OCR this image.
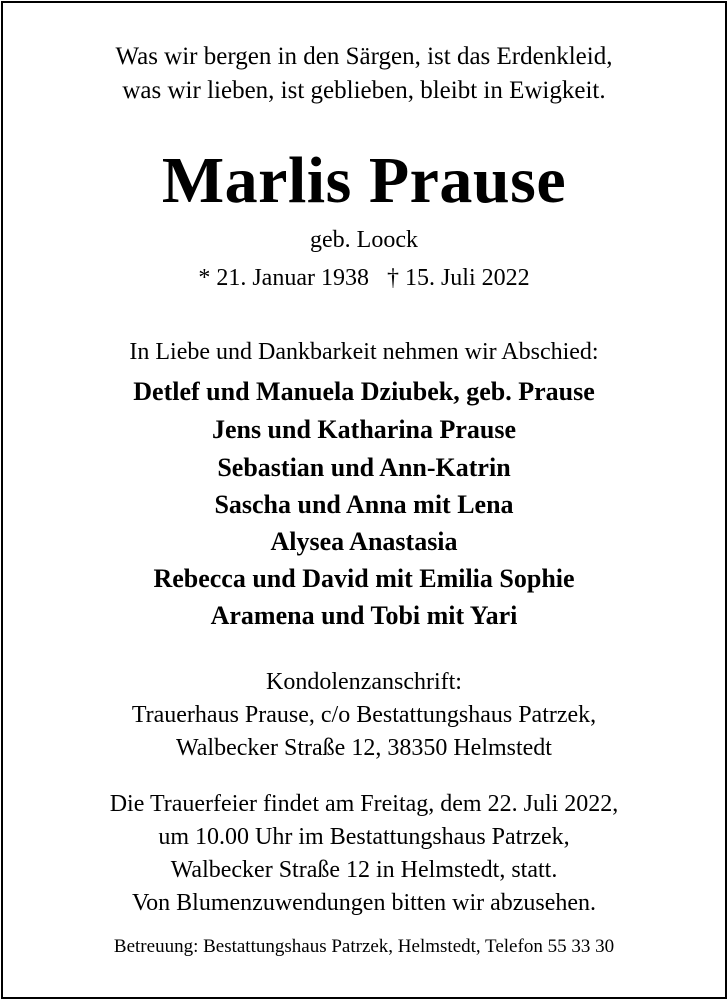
Was wir bergen in den Särgen, ist das Erdenkleid,
was wir lieben, ist geblieben, bleibt in Ewigkeit.
Marlis Prause
geb. Loock
* 21. Januar 1938 † 15. Juli 2022
In Liebe und Dankbarkeit nehmen wir Abschied:
Detlef und Manuela Dziubek, geb. Prause
Jens und Katharina Prause
Sebastian und Ann-Katrin
Sascha und Anna mit Lena
Alysea Anastasia
Rebecca und David mit Emilia Sophie
Aramena und Tobi mit Yari
Kondolenzanschrift:
Trauerhaus Prause, c/o Bestattungshaus Patrzek,
Walbecker Straße 12, 38350 Helmstedt
Die Trauerfeier findet am Freitag, dem 22. Juli 2022,
um 10.00 Uhr im Bestattungshaus Patrzek,
Walbecker Straße 12 in Helmstedt, statt.
Von Blumenzuwendungen bitten wir abzusehen.
Betreuung: Bestattungshaus Patrzek, Helmstedt, Telefon 55 33 30
